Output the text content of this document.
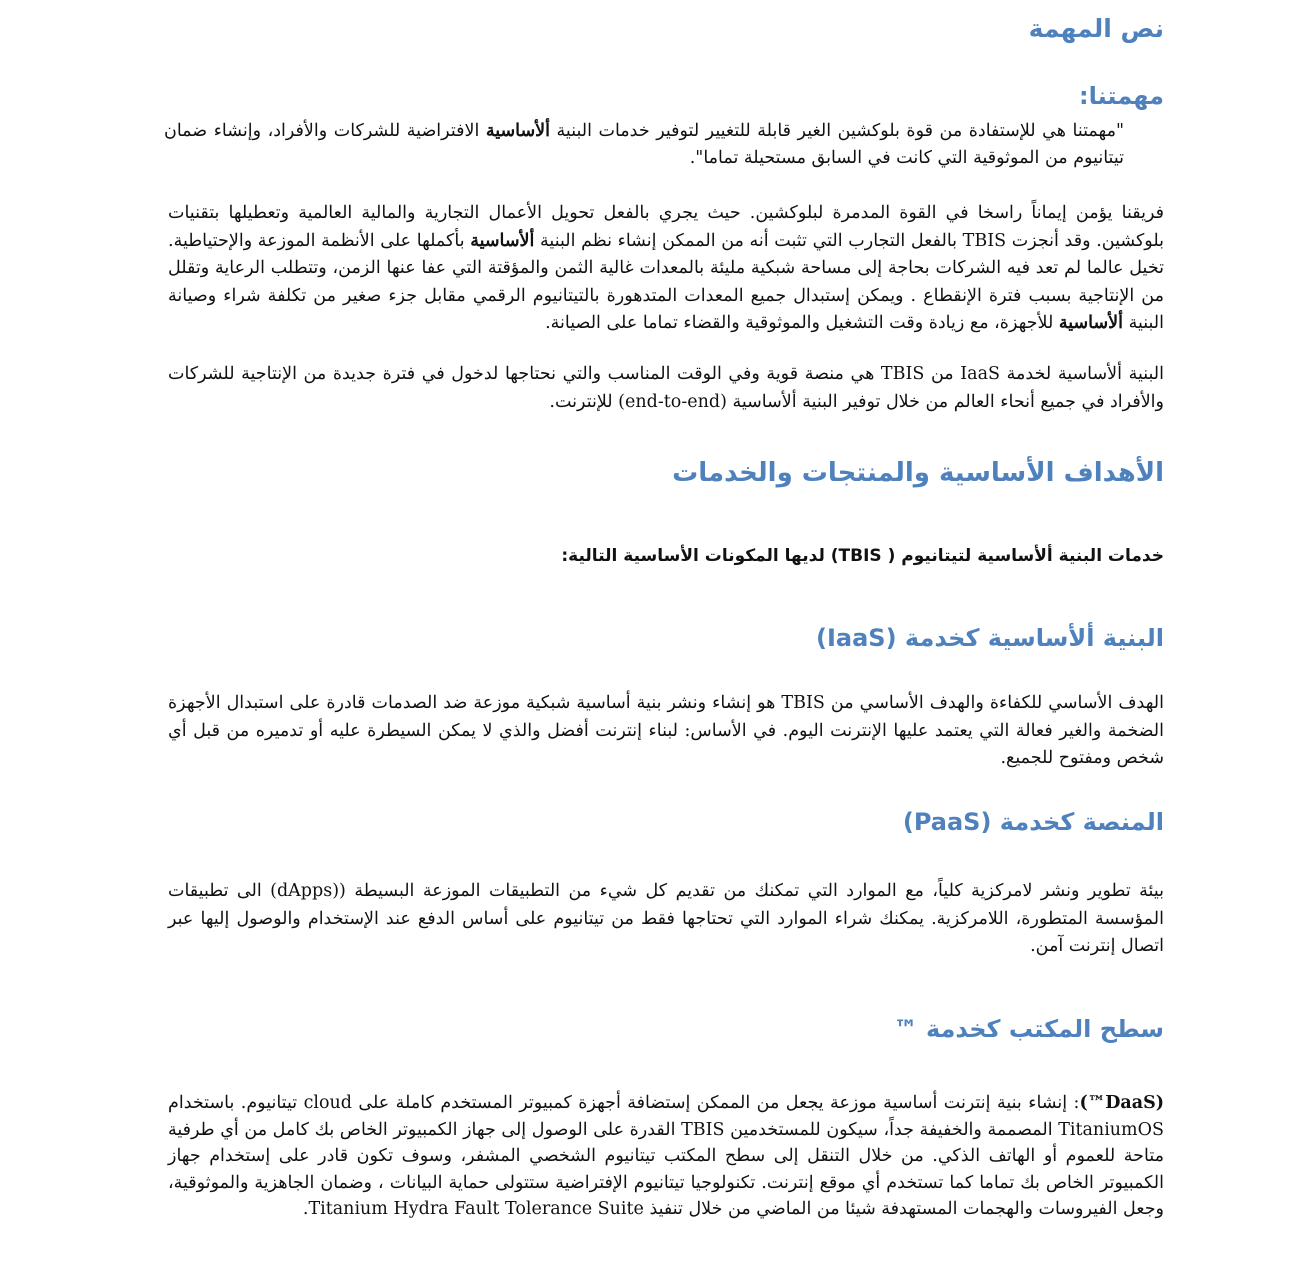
نص المهمة
مهمتنا:

"مهمتنا هي للإستفادة من قوة بلوكشين الغير قابلة للتغيير لتوفير خدمات البنية ألأساسية الافتراضية للشركات والأفراد، وإنشاء ضمان تيتانيوم من الموثوقية التي كانت في السابق مستحيلة تماما".

فريقنا يؤمن إيماناً راسخا في القوة المدمرة لبلوكشين. حيث يجري بالفعل تحويل الأعمال التجارية والمالية العالمية وتعطيلها بتقنيات بلوكشين. وقد أنجزت TBIS بالفعل التجارب التي تثبت أنه من الممكن إنشاء نظم البنية ألأساسية بأكملها على الأنظمة الموزعة والإحتياطية. تخيل عالما لم تعد فيه الشركات بحاجة إلى مساحة شبكية مليئة بالمعدات غالية الثمن والمؤقتة التي عفا عنها الزمن، وتتطلب الرعاية وتقلل من الإنتاجية بسبب فترة الإنقطاع . ويمكن إستبدال جميع المعدات المتدهورة بالتيتانيوم الرقمي مقابل جزء صغير من تكلفة شراء وصيانة البنية ألأساسية للأجهزة، مع زيادة وقت التشغيل والموثوقية والقضاء تماما على الصيانة.

البنية ألأساسية لخدمة IaaS من TBIS هي منصة قوية وفي الوقت المناسب والتي نحتاجها لدخول في فترة جديدة من الإنتاجية للشركات والأفراد في جميع أنحاء العالم من خلال توفير البنية ألأساسية (end-to-end) للإنترنت.

الأهداف الأساسية والمنتجات والخدمات

خدمات البنية ألأساسية لتيتانيوم ( TBIS) لديها المكونات الأساسية التالية:

البنية ألأساسية كخدمة (IaaS)

الهدف الأساسي للكفاءة والهدف الأساسي من TBIS هو إنشاء ونشر بنية أساسية شبكية موزعة ضد الصدمات قادرة على استبدال الأجهزة الضخمة والغير فعالة التي يعتمد عليها الإنترنت اليوم. في الأساس: لبناء إنترنت أفضل والذي لا يمكن السيطرة عليه أو تدميره من قبل أي شخص ومفتوح للجميع.

المنصة كخدمة (PaaS)

بيئة تطوير ونشر لامركزية كلياً، مع الموارد التي تمكنك من تقديم كل شيء من التطبيقات الموزعة البسيطة ((dApps) الى تطبيقات المؤسسة المتطورة، اللامركزية. يمكنك شراء الموارد التي تحتاجها فقط من تيتانيوم على أساس الدفع عند الإستخدام والوصول إليها عبر اتصال إنترنت آمن.

سطح المكتب كخدمة ™

(DaaS™): إنشاء بنية إنترنت أساسية موزعة يجعل من الممكن إستضافة أجهزة كمبيوتر المستخدم كاملة على cloud تيتانيوم. باستخدام TitaniumOS المصممة والخفيفة جداً، سيكون للمستخدمين TBIS القدرة على الوصول إلى جهاز الكمبيوتر الخاص بك كامل من أي طرفية متاحة للعموم أو الهاتف الذكي. من خلال التنقل إلى سطح المكتب تيتانيوم الشخصي المشفر، وسوف تكون قادر على إستخدام جهاز الكمبيوتر الخاص بك تماما كما تستخدم أي موقع إنترنت. تكنولوجيا تيتانيوم الإفتراضية ستتولى حماية البيانات ، وضمان الجاهزية والموثوقية، وجعل الفيروسات والهجمات المستهدفة شيئا من الماضي من خلال تنفيذ Titanium Hydra Fault Tolerance Suite.
